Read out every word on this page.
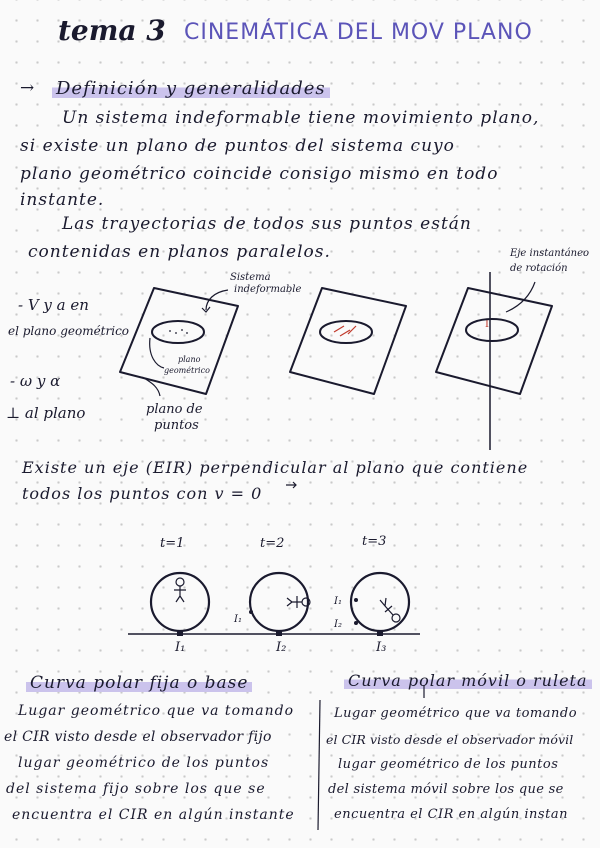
tema 3 CINEMÁTICA DEL MOV PLANO
→ Definición y generalidades
Un sistema indeformable tiene movimiento plano,
si existe un plano de puntos del sistema cuyo
plano geométrico coincide consigo mismo en todo
instante.
Las trayectorias de todos sus puntos están
contenidas en planos paralelos.
Sistema
indeformable
Eje instantáneo
de rotación
plano
geométrico
plano de
puntos
I
- V y a en
el plano geométrico
- ω y α
⊥ al plano
Existe un eje (EIR) perpendicular al plano que contiene
todos los puntos con v = 0
t=1	t=2	t=3
I₁	I₂	I₃
I₁
I₁
I₂
Curva polar fija o base	Curva polar móvil o ruleta
Lugar geométrico que va tomando
el CIR visto desde el observador fijo
lugar geométrico de los puntos
del sistema fijo sobre los que se
encuentra el CIR en algún instante
Lugar geométrico que va tomando
el CIR visto desde el observador móvil
lugar geométrico de los puntos
del sistema móvil sobre los que se
encuentra el CIR en algún instan
